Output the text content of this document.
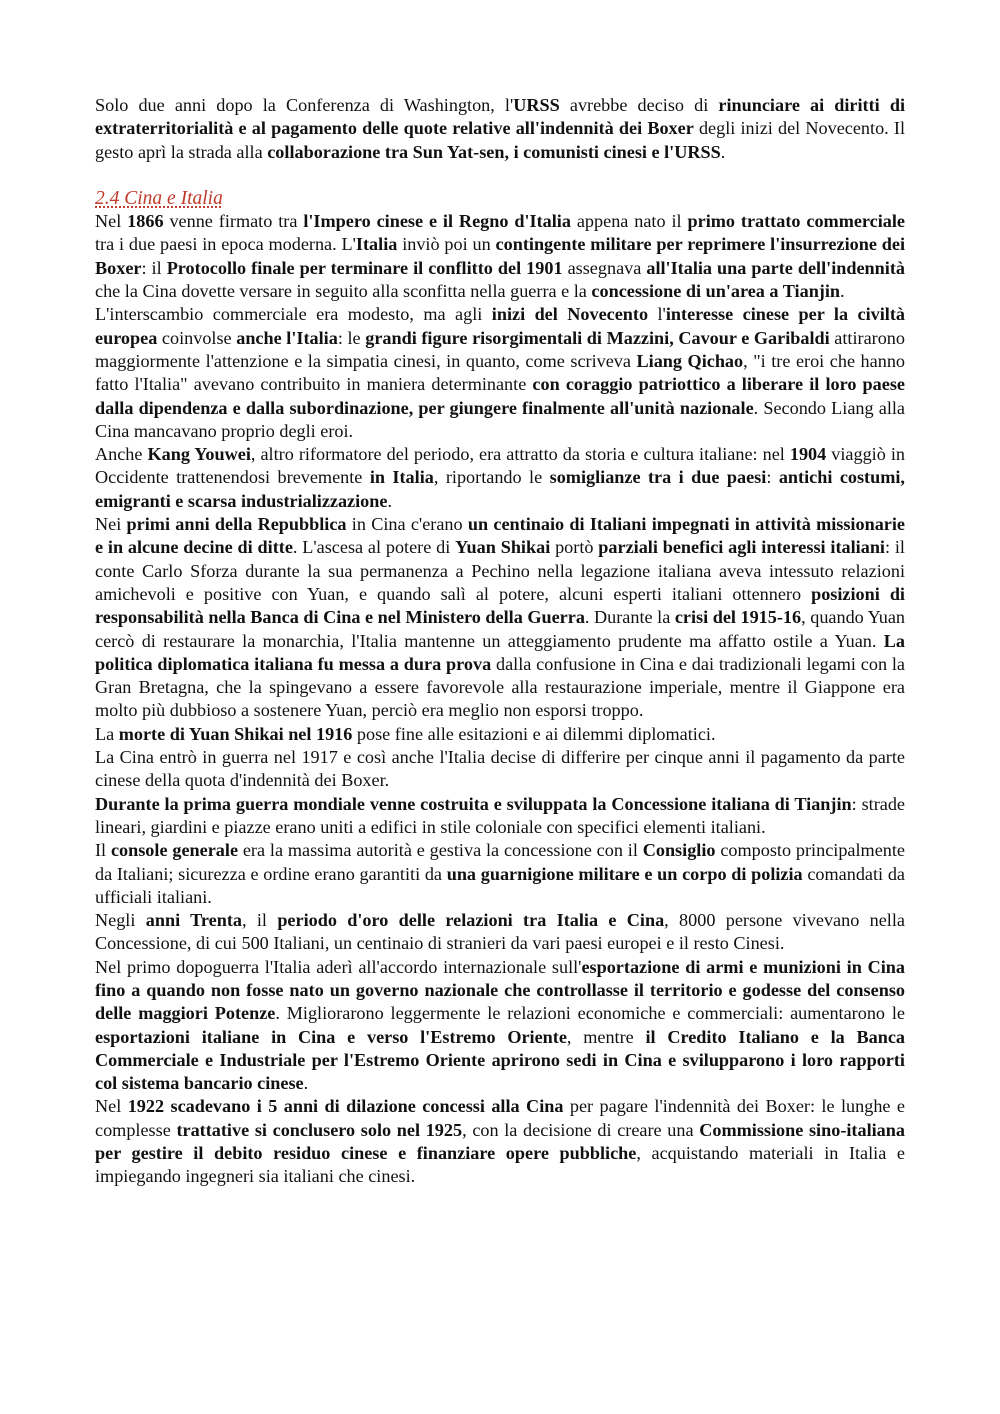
Solo due anni dopo la Conferenza di Washington, l'URSS avrebbe deciso di rinunciare ai diritti di extraterritorialità e al pagamento delle quote relative all'indennità dei Boxer degli inizi del Novecento. Il gesto aprì la strada alla collaborazione tra Sun Yat-sen, i comunisti cinesi e l'URSS.

2.4 Cina e Italia

Nel 1866 venne firmato tra l'Impero cinese e il Regno d'Italia appena nato il primo trattato commerciale tra i due paesi in epoca moderna. L'Italia inviò poi un contingente militare per reprimere l'insurrezione dei Boxer: il Protocollo finale per terminare il conflitto del 1901 assegnava all'Italia una parte dell'indennità che la Cina dovette versare in seguito alla sconfitta nella guerra e la concessione di un'area a Tianjin.

L'interscambio commerciale era modesto, ma agli inizi del Novecento l'interesse cinese per la civiltà europea coinvolse anche l'Italia: le grandi figure risorgimentali di Mazzini, Cavour e Garibaldi attirarono maggiormente l'attenzione e la simpatia cinesi, in quanto, come scriveva Liang Qichao, "i tre eroi che hanno fatto l'Italia" avevano contribuito in maniera determinante con coraggio patriottico a liberare il loro paese dalla dipendenza e dalla subordinazione, per giungere finalmente all'unità nazionale. Secondo Liang alla Cina mancavano proprio degli eroi.

Anche Kang Youwei, altro riformatore del periodo, era attratto da storia e cultura italiane: nel 1904 viaggiò in Occidente trattenendosi brevemente in Italia, riportando le somiglianze tra i due paesi: antichi costumi, emigranti e scarsa industrializzazione.

Nei primi anni della Repubblica in Cina c'erano un centinaio di Italiani impegnati in attività missionarie e in alcune decine di ditte. L'ascesa al potere di Yuan Shikai portò parziali benefici agli interessi italiani: il conte Carlo Sforza durante la sua permanenza a Pechino nella legazione italiana aveva intessuto relazioni amichevoli e positive con Yuan, e quando salì al potere, alcuni esperti italiani ottennero posizioni di responsabilità nella Banca di Cina e nel Ministero della Guerra. Durante la crisi del 1915-16, quando Yuan cercò di restaurare la monarchia, l'Italia mantenne un atteggiamento prudente ma affatto ostile a Yuan. La politica diplomatica italiana fu messa a dura prova dalla confusione in Cina e dai tradizionali legami con la Gran Bretagna, che la spingevano a essere favorevole alla restaurazione imperiale, mentre il Giappone era molto più dubbioso a sostenere Yuan, perciò era meglio non esporsi troppo.

La morte di Yuan Shikai nel 1916 pose fine alle esitazioni e ai dilemmi diplomatici.

La Cina entrò in guerra nel 1917 e così anche l'Italia decise di differire per cinque anni il pagamento da parte cinese della quota d'indennità dei Boxer.

Durante la prima guerra mondiale venne costruita e sviluppata la Concessione italiana di Tianjin: strade lineari, giardini e piazze erano uniti a edifici in stile coloniale con specifici elementi italiani.

Il console generale era la massima autorità e gestiva la concessione con il Consiglio composto principalmente da Italiani; sicurezza e ordine erano garantiti da una guarnigione militare e un corpo di polizia comandati da ufficiali italiani.

Negli anni Trenta, il periodo d'oro delle relazioni tra Italia e Cina, 8000 persone vivevano nella Concessione, di cui 500 Italiani, un centinaio di stranieri da vari paesi europei e il resto Cinesi.

Nel primo dopoguerra l'Italia aderì all'accordo internazionale sull'esportazione di armi e munizioni in Cina fino a quando non fosse nato un governo nazionale che controllasse il territorio e godesse del consenso delle maggiori Potenze. Migliorarono leggermente le relazioni economiche e commerciali: aumentarono le esportazioni italiane in Cina e verso l'Estremo Oriente, mentre il Credito Italiano e la Banca Commerciale e Industriale per l'Estremo Oriente aprirono sedi in Cina e svilupparono i loro rapporti col sistema bancario cinese.

Nel 1922 scadevano i 5 anni di dilazione concessi alla Cina per pagare l'indennità dei Boxer: le lunghe e complesse trattative si conclusero solo nel 1925, con la decisione di creare una Commissione sino-italiana per gestire il debito residuo cinese e finanziare opere pubbliche, acquistando materiali in Italia e impiegando ingegneri sia italiani che cinesi.
